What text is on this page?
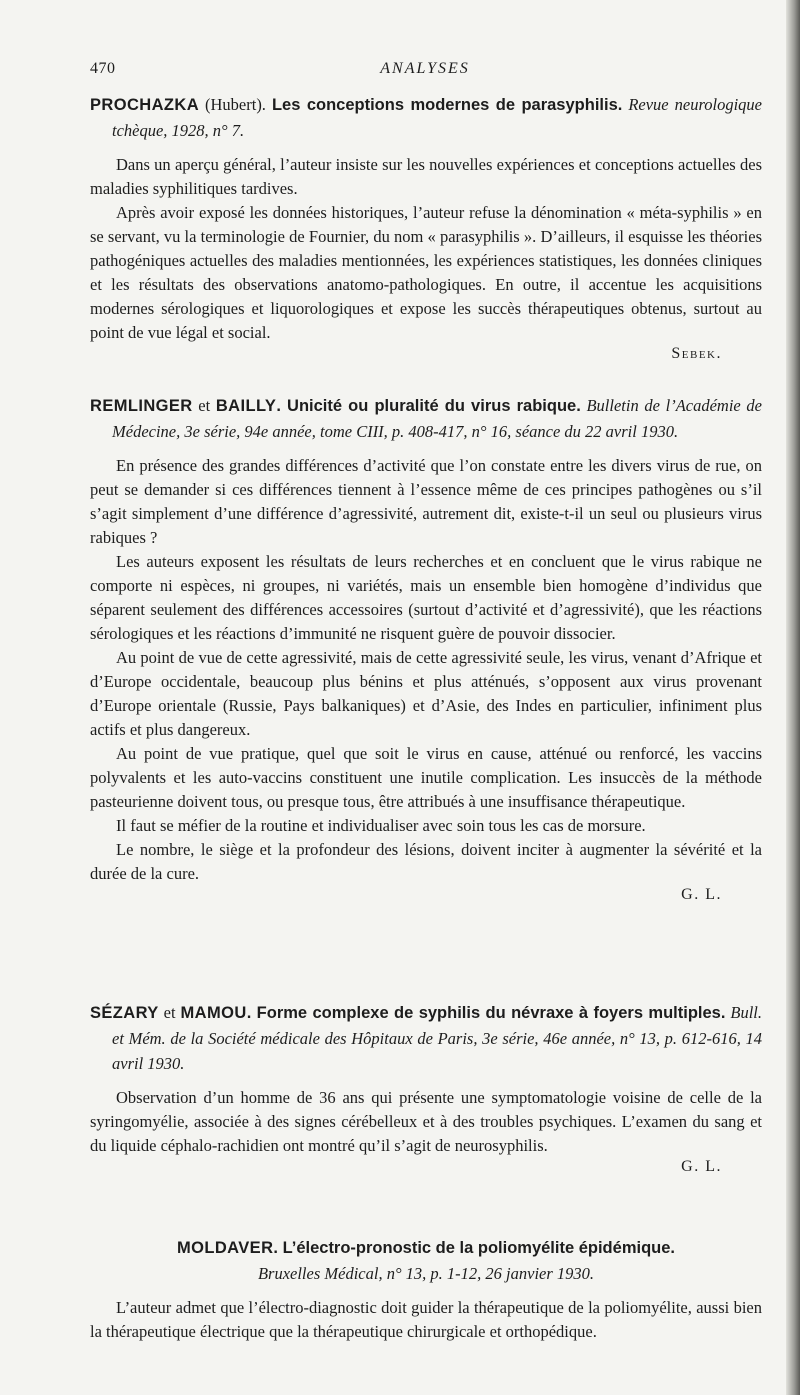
470	ANALYSES
PROCHAZKA (Hubert). Les conceptions modernes de parasyphilis. Revue neurologique tchèque, 1928, n° 7.

Dans un aperçu général, l’auteur insiste sur les nouvelles expériences et conceptions actuelles des maladies syphilitiques tardives.

Après avoir exposé les données historiques, l’auteur refuse la dénomination « méta-syphilis » en se servant, vu la terminologie de Fournier, du nom « parasyphilis ». D’ailleurs, il esquisse les théories pathogéniques actuelles des maladies mentionnées, les expériences statistiques, les données cliniques et les résultats des observations anatomo-pathologiques. En outre, il accentue les acquisitions modernes sérologiques et liquorologiques et expose les succès thérapeutiques obtenus, surtout au point de vue légal et social.

Sebek.
REMLINGER et BAILLY. Unicité ou pluralité du virus rabique. Bulletin de l’Académie de Médecine, 3e série, 94e année, tome CIII, p. 408-417, n° 16, séance du 22 avril 1930.

En présence des grandes différences d’activité que l’on constate entre les divers virus de rue, on peut se demander si ces différences tiennent à l’essence même de ces principes pathogènes ou s’il s’agit simplement d’une différence d’agressivité, autrement dit, existe-t-il un seul ou plusieurs virus rabiques ?

Les auteurs exposent les résultats de leurs recherches et en concluent que le virus rabique ne comporte ni espèces, ni groupes, ni variétés, mais un ensemble bien homogène d’individus que séparent seulement des différences accessoires (surtout d’activité et d’agressivité), que les réactions sérologiques et les réactions d’immunité ne risquent guère de pouvoir dissocier.

Au point de vue de cette agressivité, mais de cette agressivité seule, les virus, venant d’Afrique et d’Europe occidentale, beaucoup plus bénins et plus atténués, s’opposent aux virus provenant d’Europe orientale (Russie, Pays balkaniques) et d’Asie, des Indes en particulier, infiniment plus actifs et plus dangereux.

Au point de vue pratique, quel que soit le virus en cause, atténué ou renforcé, les vaccins polyvalents et les auto-vaccins constituent une inutile complication. Les insuccès de la méthode pasteurienne doivent tous, ou presque tous, être attribués à une insuffisance thérapeutique.

Il faut se méfier de la routine et individualiser avec soin tous les cas de morsure.

Le nombre, le siège et la profondeur des lésions, doivent inciter à augmenter la sévérité et la durée de la cure.

G. L.
SÉZARY et MAMOU. Forme complexe de syphilis du névraxe à foyers multiples. Bull. et Mém. de la Société médicale des Hôpitaux de Paris, 3e série, 46e année, n° 13, p. 612-616, 14 avril 1930.

Observation d’un homme de 36 ans qui présente une symptomatologie voisine de celle de la syringomyélie, associée à des signes cérébelleux et à des troubles psychiques. L’examen du sang et du liquide céphalo-rachidien ont montré qu’il s’agit de neurosyphilis.

G. L.
MOLDAVER. L’électro-pronostic de la poliomyélite épidémique.
Bruxelles Médical, n° 13, p. 1-12, 26 janvier 1930.

L’auteur admet que l’électro-diagnostic doit guider la thérapeutique de la poliomyélite, aussi bien la thérapeutique électrique que la thérapeutique chirurgicale et orthopédique.
